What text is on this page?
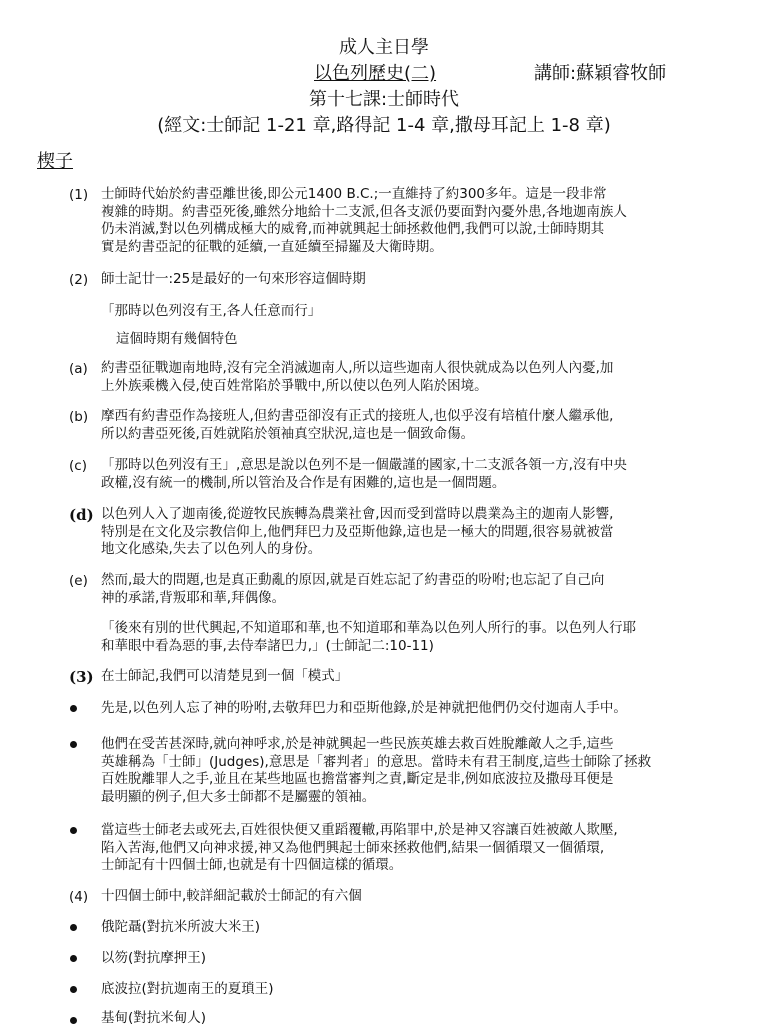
成人主日學
以色列歷史(二)	講師:蘇穎睿牧師
第十七課:士師時代
(經文:士師記 1-21 章,路得記 1-4 章,撒母耳記上 1-8 章)
楔子
(1) 士師時代始於約書亞離世後,即公元1400 B.C.;一直維持了約300多年。這是一段非常
複雜的時期。約書亞死後,雖然分地給十二支派,但各支派仍要面對內憂外患,各地迦南族人
仍未消滅,對以色列構成極大的威脅,而神就興起士師拯救他們,我們可以說,士師時期其
實是約書亞記的征戰的延續,一直延續至掃羅及大衛時期。
(2) 師士記廿一:25是最好的一句來形容這個時期
「那時以色列沒有王,各人任意而行」
這個時期有幾個特色
(a) 約書亞征戰迦南地時,沒有完全消滅迦南人,所以這些迦南人很快就成為以色列人內憂,加
上外族乘機入侵,使百姓常陷於爭戰中,所以使以色列人陷於困境。
(b) 摩西有約書亞作為接班人,但約書亞卻沒有正式的接班人,也似乎沒有培植什麼人繼承他,
所以約書亞死後,百姓就陷於領袖真空狀況,這也是一個致命傷。
(c) 「那時以色列沒有王」,意思是說以色列不是一個嚴謹的國家,十二支派各領一方,沒有中央
政權,沒有統一的機制,所以管治及合作是有困難的,這也是一個問題。
(d) 以色列人入了迦南後,從遊牧民族轉為農業社會,因而受到當時以農業為主的迦南人影響,
特別是在文化及宗教信仰上,他們拜巴力及亞斯他錄,這也是一極大的問題,很容易就被當
地文化感染,失去了以色列人的身份。
(e) 然而,最大的問題,也是真正動亂的原因,就是百姓忘記了約書亞的吩咐;也忘記了自己向
神的承諾,背叛耶和華,拜偶像。
「後來有別的世代興起,不知道耶和華,也不知道耶和華為以色列人所行的事。以色列人行耶
和華眼中看為惡的事,去侍奉諸巴力,」(士師記二:10-11)
(3) 在士師記,我們可以清楚見到一個「模式」
先是,以色列人忘了神的吩咐,去敬拜巴力和亞斯他錄,於是神就把他們仍交付迦南人手中。
他們在受苦甚深時,就向神呼求,於是神就興起一些民族英雄去救百姓脫離敵人之手,這些
英雄稱為「士師」(Judges),意思是「審判者」的意思。當時未有君王制度,這些士師除了拯救
百姓脫離罪人之手,並且在某些地區也擔當審判之責,斷定是非,例如底波拉及撒母耳便是
最明顯的例子,但大多士師都不是屬靈的領袖。
當這些士師老去或死去,百姓很快便又重蹈覆轍,再陷罪中,於是神又容讓百姓被敵人欺壓,
陷入苦海,他們又向神求援,神又為他們興起士師來拯救他們,結果一個循環又一個循環,
士師記有十四個士師,也就是有十四個這樣的循環。
(4) 十四個士師中,較詳細記載於士師記的有六個
俄陀聶(對抗米所波大米王)
以笏(對抗摩押王)
底波拉(對抗迦南王的夏瑣王)
基甸(對抗米甸人)
